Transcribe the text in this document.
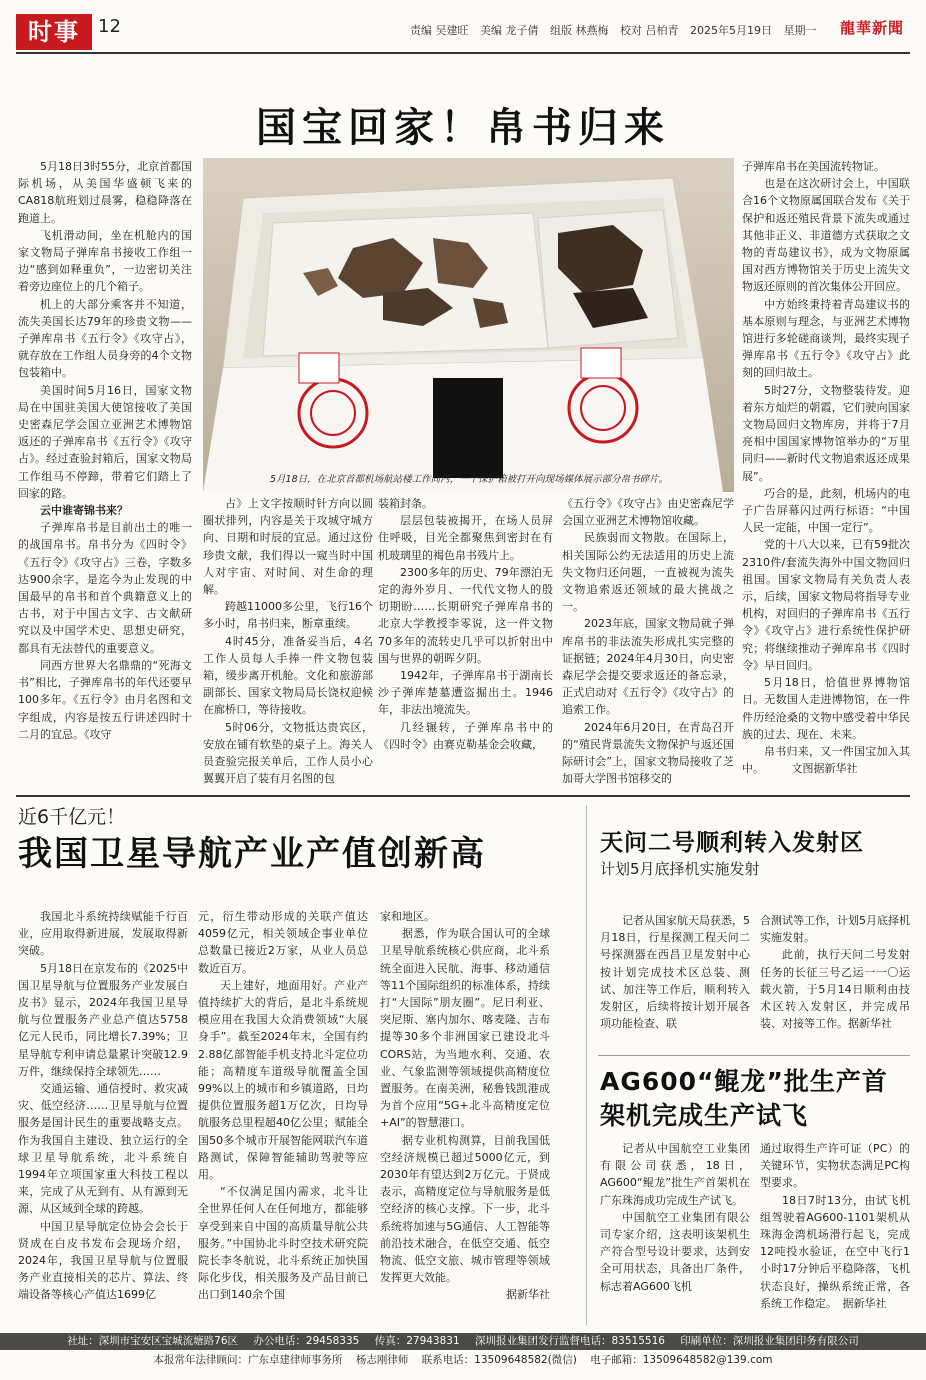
时事	12	责编 吴建旺 美编 龙子倩 组版 林燕梅 校对 吕柏青 2025年5月19日 星期一	龍華新聞
国宝回家！帛书归来
5月18日，在北京首都机场航站楼工作间内，一个保护箱被打开向现场媒体展示部分帛书碎片。

5月18日3时55分，北京首都国际机场，从美国华盛顿飞来的CA818航班划过晨雾，稳稳降落在跑道上。

飞机滑动间，坐在机舱内的国家文物局子弹库帛书接收工作组一边“感到如释重负”，一边密切关注着旁边座位上的几个箱子。

机上的大部分乘客并不知道，流失美国长达79年的珍贵文物——子弹库帛书《五行令》《攻守占》，就存放在工作组人员身旁的4个文物包装箱中。

美国时间5月16日，国家文物局在中国驻美国大使馆接收了美国史密森尼学会国立亚洲艺术博物馆返还的子弹库帛书《五行令》《攻守占》。经过查验封箱后，国家文物局工作组马不停蹄，带着它们踏上了回家的路。

云中谁寄锦书来？

子弹库帛书是目前出土的唯一的战国帛书。帛书分为《四时令》《五行令》《攻守占》三卷，字数多达900余字，是迄今为止发现的中国最早的帛书和首个典籍意义上的古书，对于中国古文字、古文献研究以及中国学术史、思想史研究，都具有无法替代的重要意义。

同西方世界大名鼎鼎的“死海文书”相比，子弹库帛书的年代还要早100多年。《五行令》由月名图和文字组成，内容是按五行讲述四时十二月的宜忌。《攻守

占》上文字按顺时针方向以圆圈状排列，内容是关于攻城守城方向、日期和时辰的宜忌。通过这份珍贵文献，我们得以一窥当时中国人对宇宙、对时间、对生命的理解。

跨越11000多公里，飞行16个多小时，帛书归来，断章重续。

4时45分，准备妥当后，4名工作人员每人手捧一件文物包装箱，缓步离开机舱。文化和旅游部副部长、国家文物局局长饶权迎候在廊桥口，等待接收。

5时06分，文物抵达贵宾区，安放在铺有软垫的桌子上。海关人员查验完报关单后，工作人员小心翼翼开启了装有月名图的包

装箱封条。

层层包装被揭开，在场人员屏住呼吸，目光全都聚焦到密封在有机玻璃里的褐色帛书残片上。

2300多年的历史、79年漂泊无定的海外岁月、一代代文物人的殷切期盼……长期研究子弹库帛书的北京大学教授李零说，这一件文物70多年的流转史几乎可以折射出中国与世界的朝晖夕阴。

1942年，子弹库帛书于湖南长沙子弹库楚墓遭盗掘出土。1946年，非法出境流失。

几经辗转，子弹库帛书中的《四时令》由赛克勒基金会收藏，

《五行令》《攻守占》由史密森尼学会国立亚洲艺术博物馆收藏。

民族弱而文物散。在国际上，相关国际公约无法适用的历史上流失文物归还问题，一直被视为流失文物追索返还领域的最大挑战之一。

2023年底，国家文物局就子弹库帛书的非法流失形成扎实完整的证据链；2024年4月30日，向史密森尼学会提交要求返还的备忘录，正式启动对《五行令》《攻守占》的追索工作。

2024年6月20日，在青岛召开的“殖民背景流失文物保护与返还国际研讨会”上，国家文物局接收了芝加哥大学图书馆移交的

子弹库帛书在美国流转物证。

也是在这次研讨会上，中国联合16个文物原属国联合发布《关于保护和返还殖民背景下流失或通过其他非正义、非道德方式获取之文物的青岛建议书》，成为文物原属国对西方博物馆关于历史上流失文物返还原则的首次集体公开回应。

中方始终秉持着青岛建议书的基本原则与理念，与亚洲艺术博物馆进行多轮磋商谈判，最终实现子弹库帛书《五行令》《攻守占》此刻的回归故土。

5时27分，文物整装待发。迎着东方灿烂的朝霞，它们驶向国家文物局回归文物库房，并将于7月亮相中国国家博物馆举办的“万里同归——新时代文物追索返还成果展”。

巧合的是，此刻，机场内的电子广告屏幕闪过两行标语：“中国人民一定能，中国一定行”。

党的十八大以来，已有59批次2310件/套流失海外中国文物回归祖国。国家文物局有关负责人表示，后续，国家文物局将指导专业机构，对回归的子弹库帛书《五行令》《攻守占》进行系统性保护研究；将继续推动子弹库帛书《四时令》早日回归。

5月18日，恰值世界博物馆日。无数国人走进博物馆，在一件件历经沧桑的文物中感受着中华民族的过去、现在、未来。

帛书归来，又一件国宝加入其中。　　　文图据新华社

近6千亿元！
我国卫星导航产业产值创新高

我国北斗系统持续赋能千行百业，应用取得新进展，发展取得新突破。

5月18日在京发布的《2025中国卫星导航与位置服务产业发展白皮书》显示，2024年我国卫星导航与位置服务产业总产值达5758亿元人民币，同比增长7.39%；卫星导航专利申请总量累计突破12.9万件，继续保持全球领先……

交通运输、通信授时、救灾减灾、低空经济……卫星导航与位置服务是国计民生的重要战略支点。作为我国自主建设、独立运行的全球卫星导航系统，北斗系统自1994年立项国家重大科技工程以来，完成了从无到有、从有源到无源、从区域到全球的跨越。

中国卫星导航定位协会会长于贤成在白皮书发布会现场介绍，2024年，我国卫星导航与位置服务产业直接相关的芯片、算法、终端设备等核心产值达1699亿

元，衍生带动形成的关联产值达4059亿元，相关领域企事业单位总数量已接近2万家，从业人员总数近百万。

天上建好，地面用好。产业产值持续扩大的背后，是北斗系统规模应用在我国大众消费领域“大展身手”。截至2024年末，全国有约2.88亿部智能手机支持北斗定位功能；高精度车道级导航覆盖全国99%以上的城市和乡镇道路，日均提供位置服务超1万亿次，日均导航服务总里程超40亿公里；赋能全国50多个城市开展智能网联汽车道路测试，保障智能辅助驾驶等应用。

“不仅满足国内需求，北斗让全世界任何人在任何地方，都能够享受到来自中国的高质量导航公共服务。”中国协北斗时空技术研究院院长李冬航说，北斗系统正加快国际化步伐，相关服务及产品目前已出口到140余个国

家和地区。

据悉，作为联合国认可的全球卫星导航系统核心供应商，北斗系统全面进入民航、海事、移动通信等11个国际组织的标准体系，持续打“大国际”朋友圈”。尼日利亚、突尼斯、塞内加尔、喀麦隆、吉布提等30多个非洲国家已建设北斗CORS站，为当地水利、交通、农业、气象监测等领域提供高精度位置服务。在南美洲，秘鲁钱凯港成为首个应用“5G+北斗高精度定位+AI”的智慧港口。

据专业机构测算，目前我国低空经济规模已超过5000亿元，到2030年有望达到2万亿元。于贤成表示，高精度定位与导航服务是低空经济的核心支撑。下一步，北斗系统将加速与5G通信、人工智能等前沿技术融合，在低空交通、低空物流、低空文旅、城市管理等领域发挥更大效能。

据新华社

天问二号顺利转入发射区
计划5月底择机实施发射

记者从国家航天局获悉，5月18日，行星探测工程天问二号探测器在西昌卫星发射中心按计划完成技术区总装、测试、加注等工作后，顺利转入发射区，后续将按计划开展各项功能检查、联

合测试等工作，计划5月底择机实施发射。

此前，执行天问二号发射任务的长征三号乙运一一〇运载火箭，于5月14日顺利由技术区转入发射区，并完成吊装、对接等工作。据新华社

AG600“鲲龙”批生产首架机完成生产试飞

记者从中国航空工业集团有限公司获悉，18日，AG600“鲲龙”批生产首架机在广东珠海成功完成生产试飞。

中国航空工业集团有限公司专家介绍，这表明该架机生产符合型号设计要求，达到安全可用状态，具备出厂条件，标志着AG600飞机

通过取得生产许可证（PC）的关键环节，实物状态满足PC构型要求。

18日7时13分，由试飞机组驾驶着AG600-1101架机从珠海金湾机场滑行起飞，完成12吨投水验证，在空中飞行1小时17分钟后平稳降落，飞机状态良好，操纵系统正常，各系统工作稳定。　据新华社

社址：深圳市宝安区宝城流塘路76区 办公电话：29458335 传真：27943831 深圳报业集团发行监督电话：83515516 印刷单位：深圳报业集团印务有限公司
本报常年法律顾问：广东卓建律师事务所 杨志刚律师 联系电话：13509648582(微信) 电子邮箱：13509648582@139.com
